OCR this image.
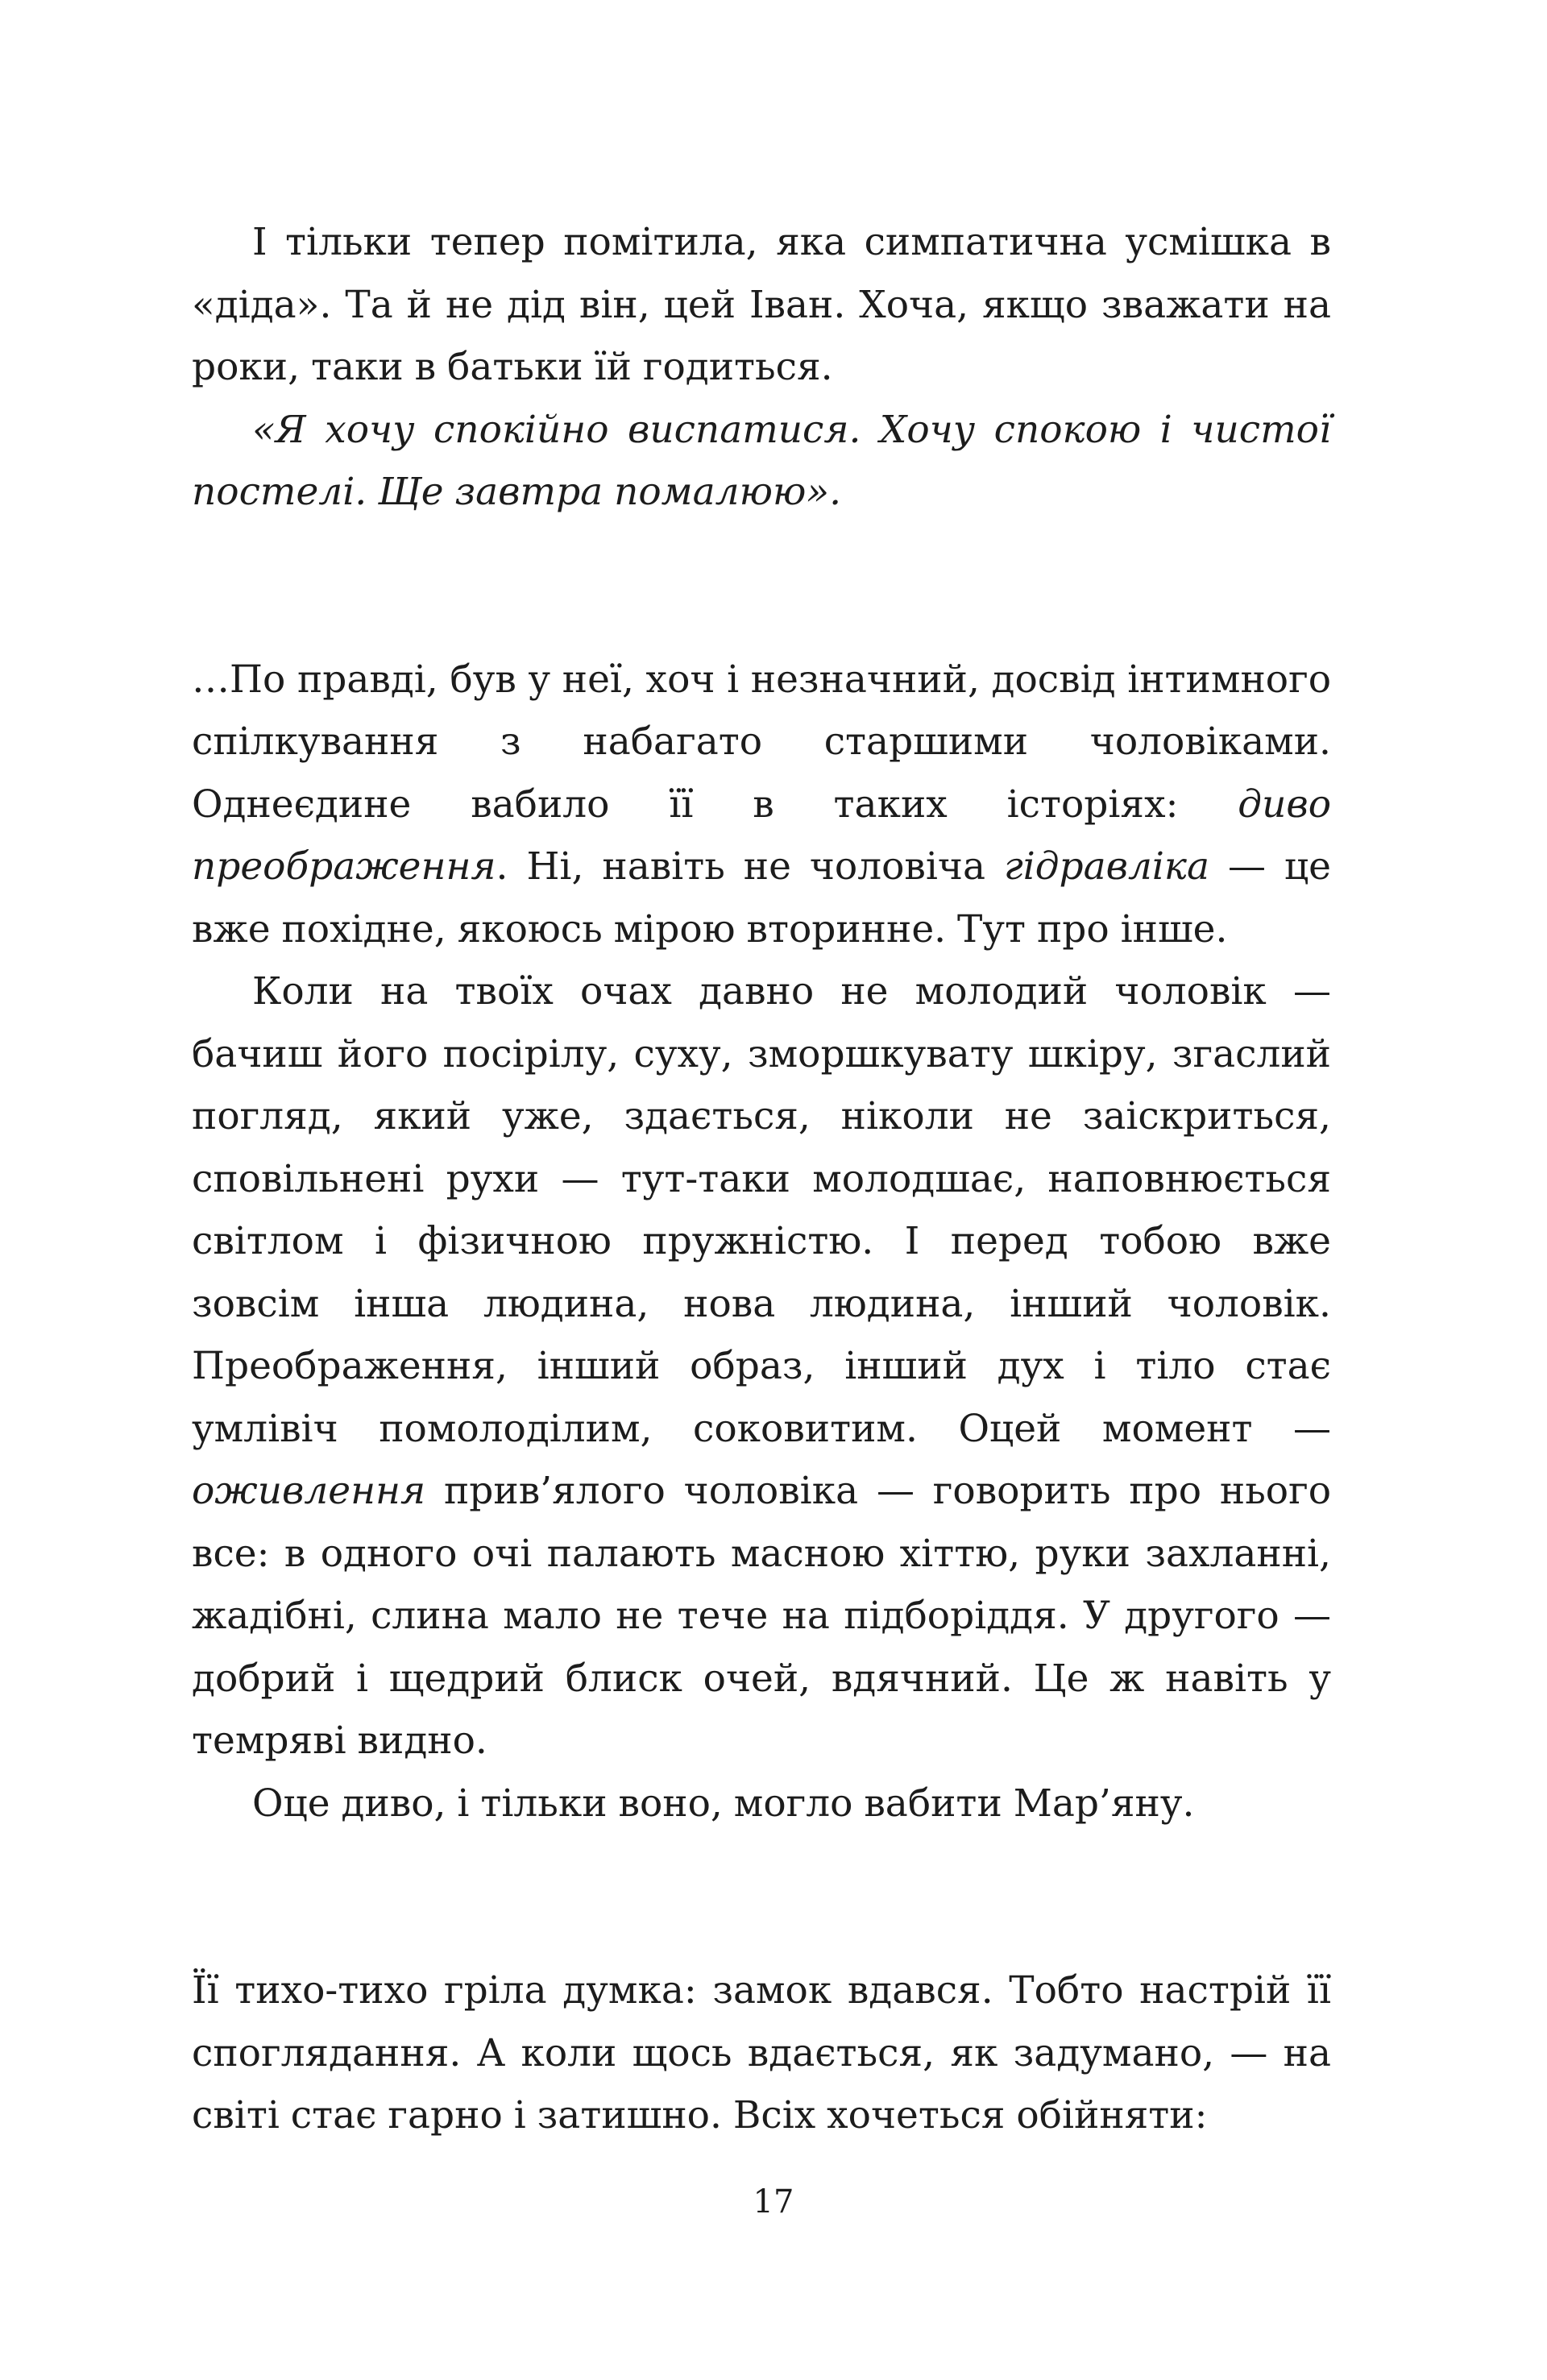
І тільки тепер помітила, яка симпатична усмішка в «діда». Та й не дід він, цей Іван. Хоча, якщо зважати на роки, таки в батьки їй годиться.

«Я хочу спокійно виспатися. Хочу спокою і чистої постелі. Ще завтра помалюю».

…По правді, був у неї, хоч і незначний, досвід інтимного спілкування з набагато старшими чоловіками. Однеєдине вабило її в таких історіях: диво преображення. Ні, навіть не чоловіча гідравліка — це вже похідне, якоюсь мірою вторинне. Тут про інше.

Коли на твоїх очах давно не молодий чоловік — бачиш його посірілу, суху, зморшкувату шкіру, згаслий погляд, який уже, здається, ніколи не заіскриться, сповільнені рухи — тут-таки молодшає, наповнюється світлом і фізичною пружністю. І перед тобою вже зовсім інша людина, нова людина, інший чоловік. Преображення, інший образ, інший дух і тіло стає умлівіч помолоділим, соковитим. Оцей момент — оживлення прив’ялого чоловіка — говорить про нього все: в одного очі палають масною хіттю, руки захланні, жадібні, слина мало не тече на підборіддя. У другого — добрий і щедрий блиск очей, вдячний. Це ж навіть у темряві видно.

Оце диво, і тільки воно, могло вабити Мар’яну.

Її тихо-тихо гріла думка: замок вдався. Тобто настрій її споглядання. А коли щось вдається, як задумано, — на світі стає гарно і затишно. Всіх хочеться обійняти:

17
